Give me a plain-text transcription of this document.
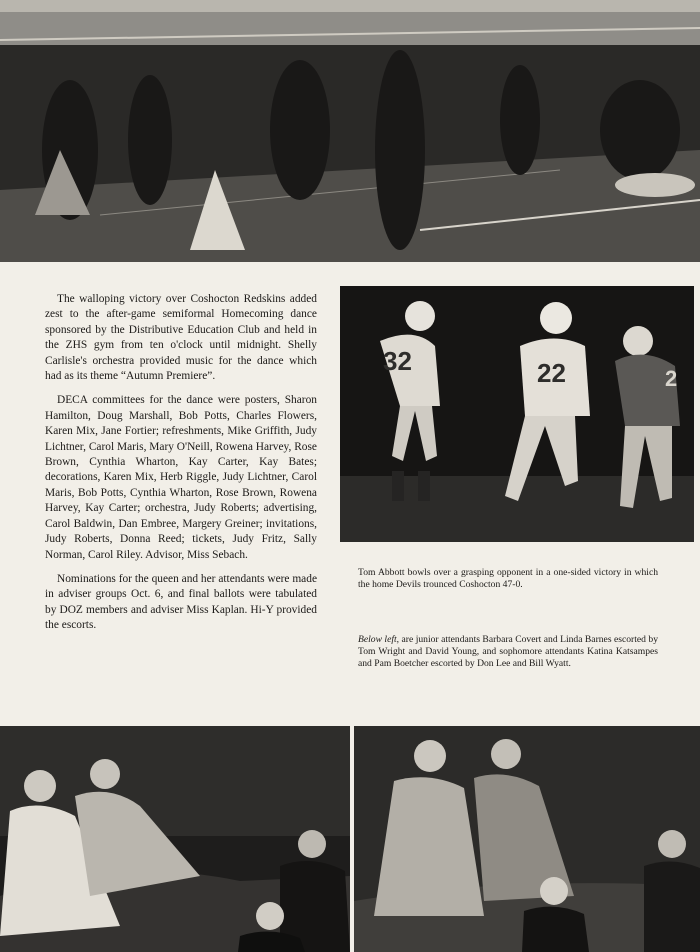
The walloping victory over Coshocton Redskins added zest to the after-game semiformal Homecoming dance sponsored by the Distributive Education Club and held in the ZHS gym from ten o'clock until midnight. Shelly Carlisle's orchestra provided music for the dance which had as its theme “Autumn Premiere”.

DECA committees for the dance were posters, Sharon Hamilton, Doug Marshall, Bob Potts, Charles Flowers, Karen Mix, Jane Fortier; refreshments, Mike Griffith, Judy Lichtner, Carol Maris, Mary O'Neill, Rowena Harvey, Rose Brown, Cynthia Wharton, Kay Carter, Kay Bates; decorations, Karen Mix, Herb Riggle, Judy Lichtner, Carol Maris, Bob Potts, Cynthia Wharton, Rose Brown, Rowena Harvey, Kay Carter; orchestra, Judy Roberts; advertising, Carol Baldwin, Dan Embree, Margery Greiner; invitations, Judy Roberts, Donna Reed; tickets, Judy Fritz, Sally Norman, Carol Riley. Advisor, Miss Sebach.

Nominations for the queen and her attendants were made in adviser groups Oct. 6, and final ballots were tabulated by DOZ members and adviser Miss Kaplan. Hi-Y provided the escorts.

32	22	2

Tom Abbott bowls over a grasping opponent in a one-sided victory in which the home Devils trounced Coshocton 47-0.

Below left, are junior attendants Barbara Covert and Linda Barnes escorted by Tom Wright and David Young, and sophomore attendants Katina Katsampes and Pam Boetcher escorted by Don Lee and Bill Wyatt.
